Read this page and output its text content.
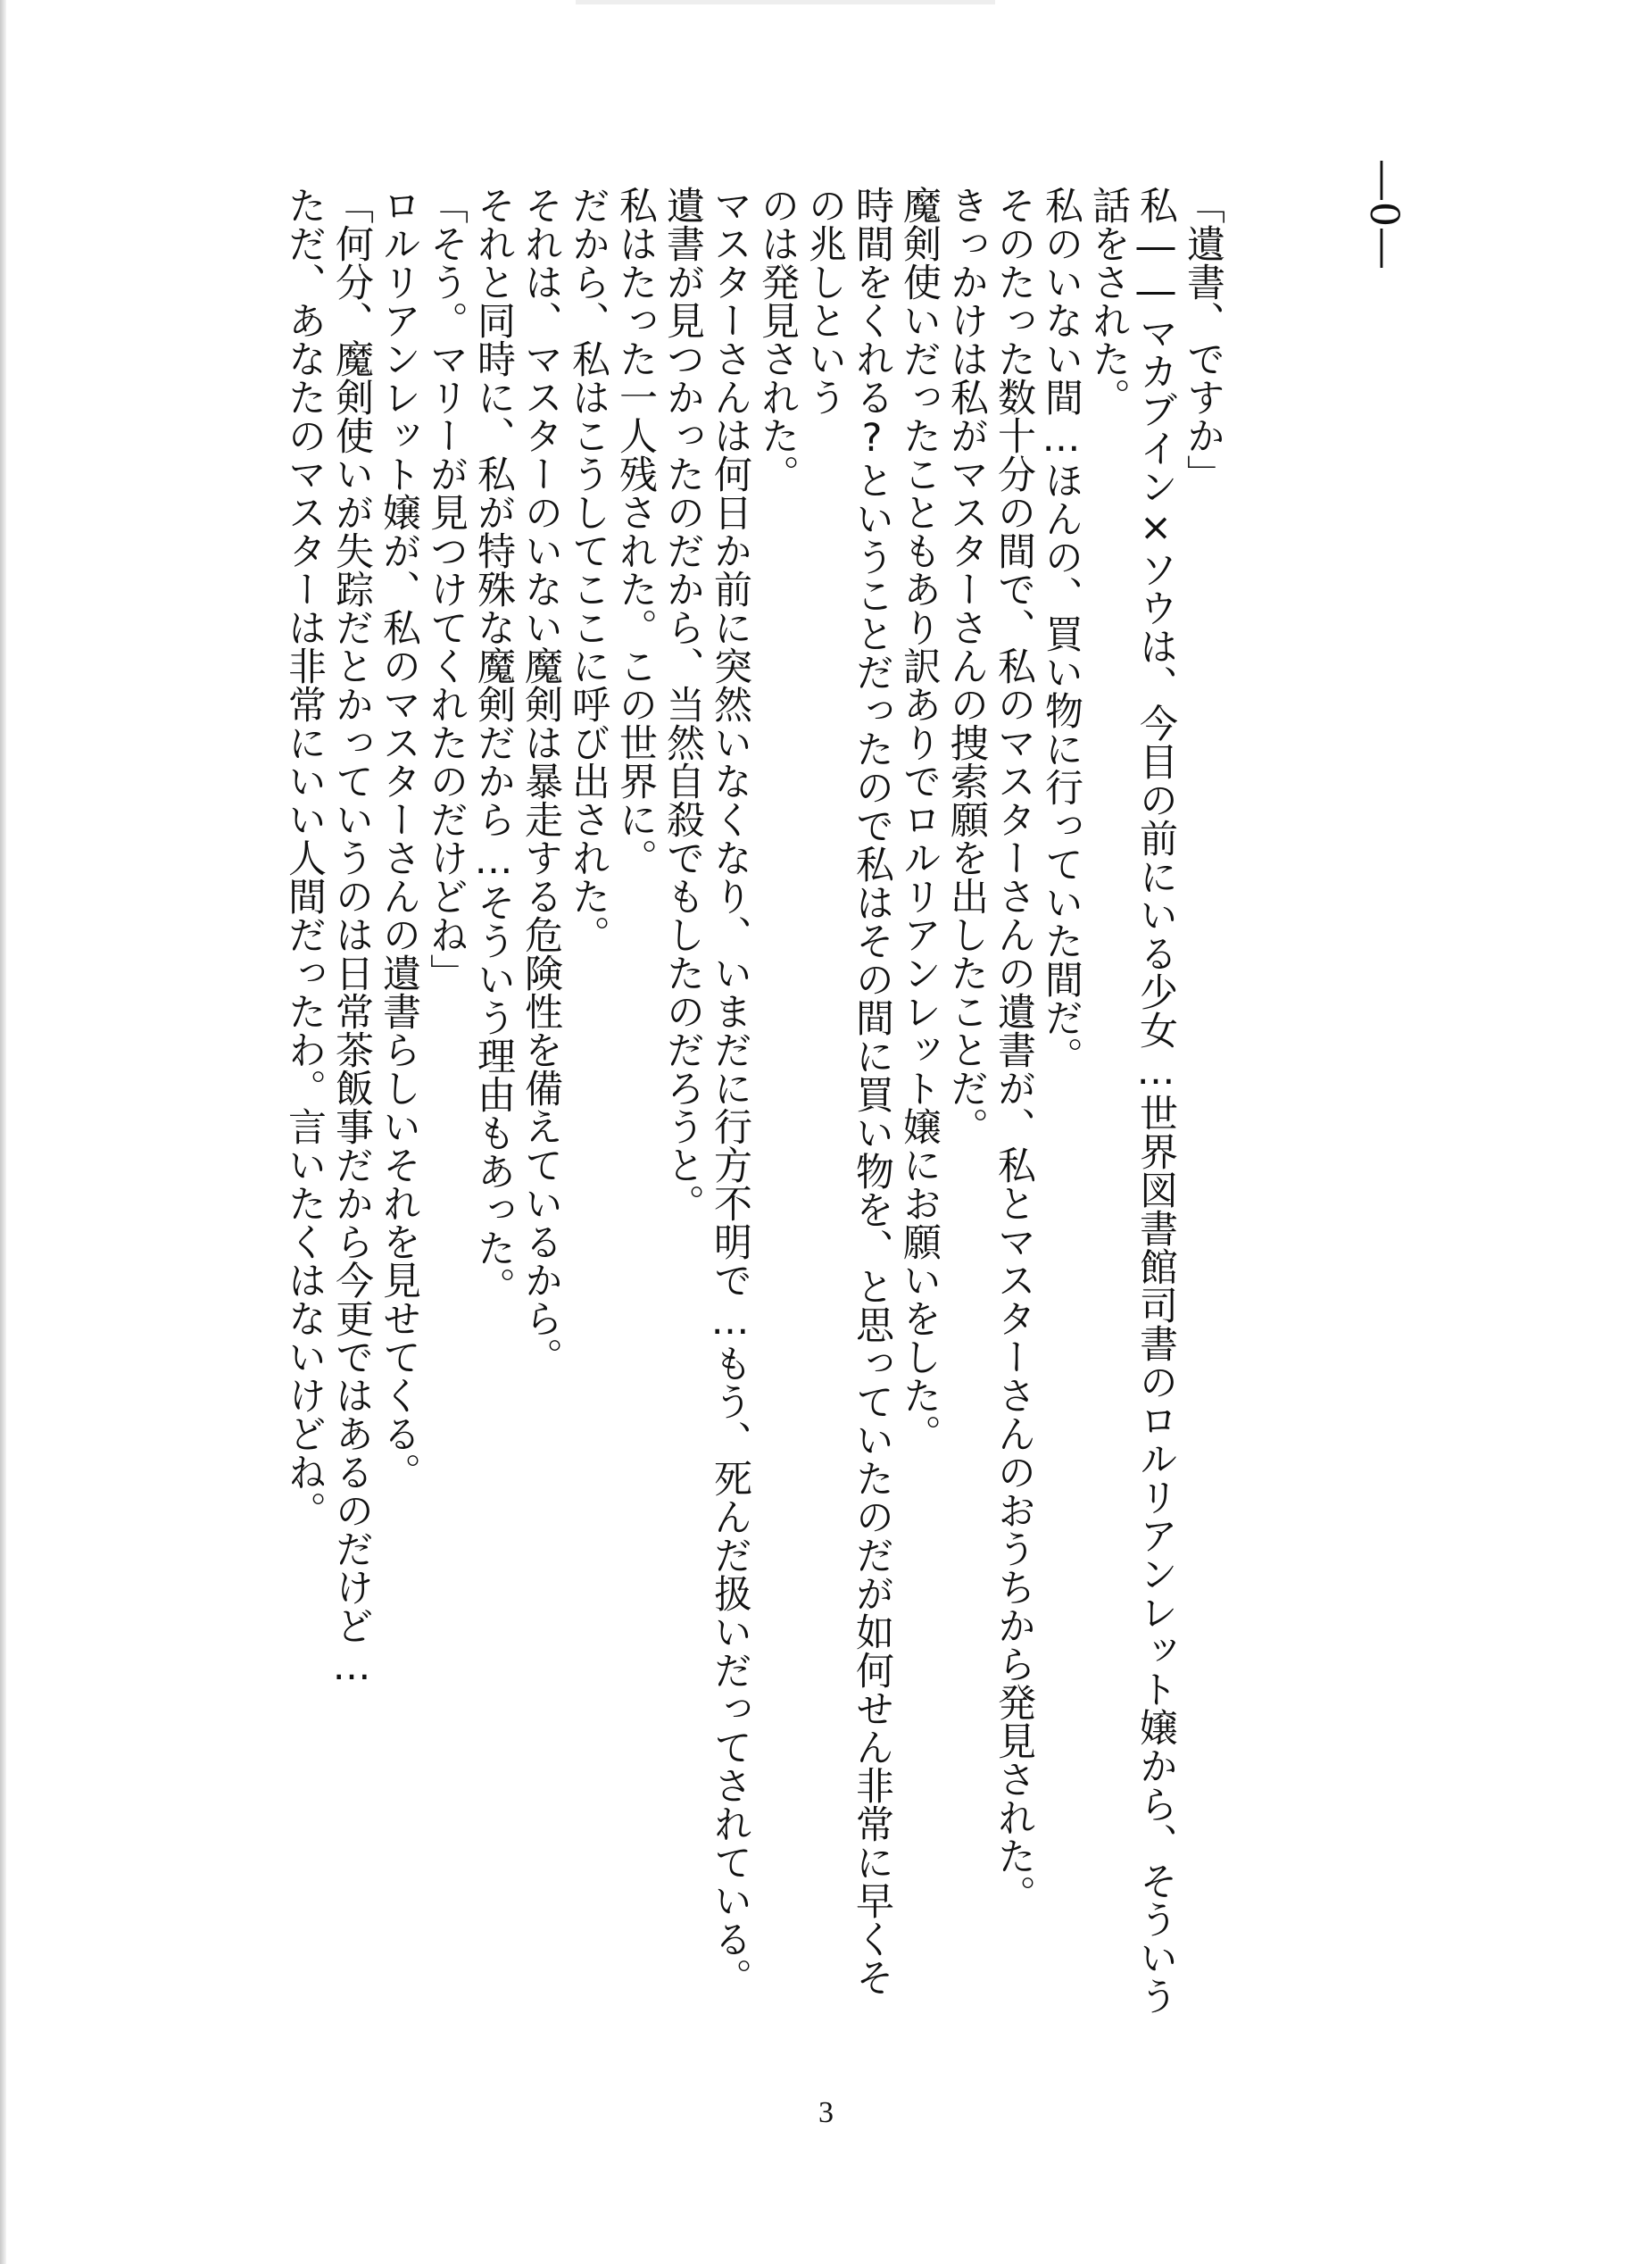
―0―

「遺書、ですか」

私――マカブイン×ソウは、今目の前にいる少女…世界図書館司書のロルリアンレット嬢から、そういう話をされた。

私のいない間…ほんの、買い物に行っていた間だ。

そのたった数十分の間で、私のマスターさんの遺書が、私とマスターさんのおうちから発見された。

きっかけは私がマスターさんの捜索願を出したことだ。

魔剣使いだったこともあり訳ありでロルリアンレット嬢にお願いをした。

時間をくれる?ということだったので私はその間に買い物を、と思っていたのだが如何せん非常に早くその兆しという

のは発見された。

マスターさんは何日か前に突然いなくなり、いまだに行方不明で…もう、死んだ扱いだってされている。

遺書が見つかったのだから、当然自殺でもしたのだろうと。

私はたった一人残された。この世界に。

だから、私はこうしてここに呼び出された。

それは、マスターのいない魔剣は暴走する危険性を備えているから。

それと同時に、私が特殊な魔剣だから…そういう理由もあった。

「そう。マリーが見つけてくれたのだけどね」

ロルリアンレット嬢が、私のマスターさんの遺書らしいそれを見せてくる。

「何分、魔剣使いが失踪だとかっていうのは日常茶飯事だから今更ではあるのだけど…

ただ、あなたのマスターは非常にいい人間だったわ。言いたくはないけどね。

3
